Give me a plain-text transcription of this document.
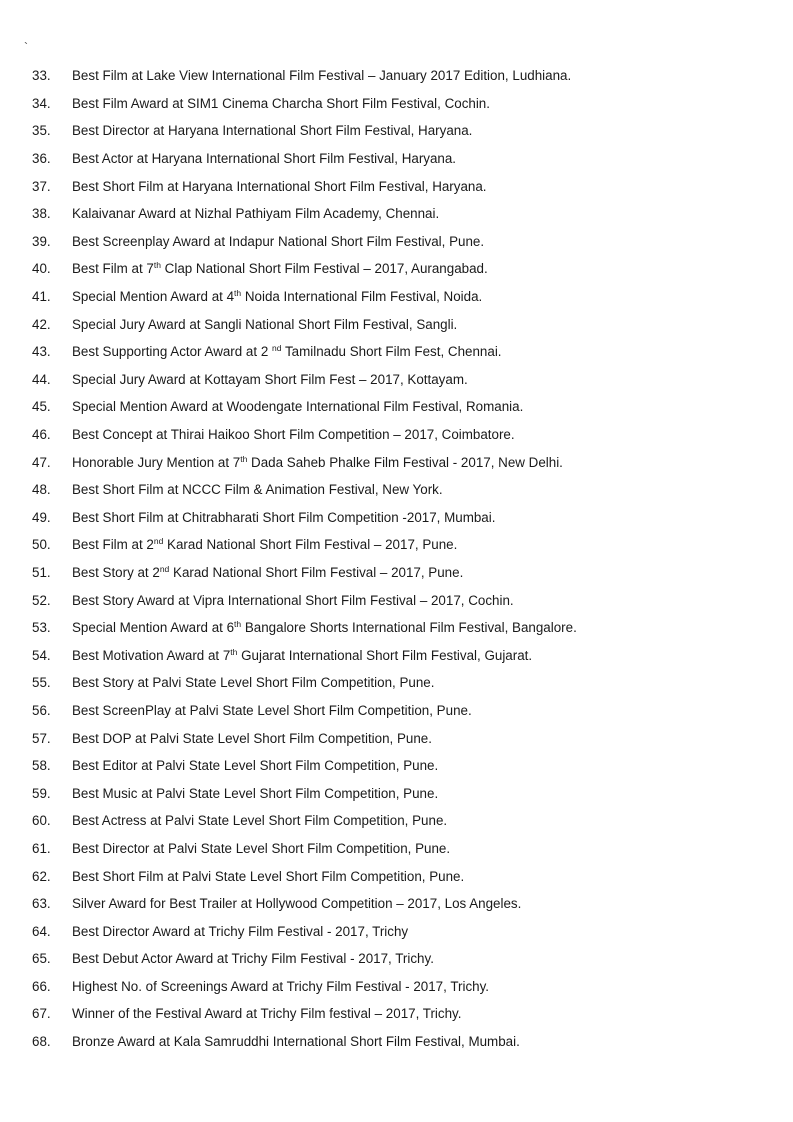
`
33.	Best Film at Lake View International Film Festival – January 2017 Edition, Ludhiana.
34.	Best Film Award at SIM1 Cinema Charcha Short Film Festival, Cochin.
35.	Best Director at Haryana International Short Film Festival, Haryana.
36.	Best Actor at Haryana International Short Film Festival, Haryana.
37.	Best Short Film at Haryana International Short Film Festival, Haryana.
38.	Kalaivanar Award at Nizhal Pathiyam Film Academy, Chennai.
39.	Best Screenplay Award at Indapur National Short Film Festival, Pune.
40.	Best Film at 7th Clap National Short Film Festival – 2017, Aurangabad.
41.	Special Mention Award at 4th Noida International Film Festival, Noida.
42.	Special Jury Award at Sangli National Short Film Festival, Sangli.
43.	Best Supporting Actor Award at 2 $^{nd}$ Tamilnadu Short Film Fest, Chennai.
44.	Special Jury Award at Kottayam Short Film Fest – 2017, Kottayam.
45.	Special Mention Award at Woodengate International Film Festival, Romania.
46.	Best Concept at Thirai Haikoo Short Film Competition – 2017, Coimbatore.
47.	Honorable Jury Mention at 7th Dada Saheb Phalke Film Festival - 2017, New Delhi.
48.	Best Short Film at NCCC Film & Animation Festival, New York.
49.	Best Short Film at Chitrabharati Short Film Competition -2017, Mumbai.
50.	Best Film at 2nd Karad National Short Film Festival – 2017, Pune.
51.	Best Story at 2nd Karad National Short Film Festival – 2017, Pune.
52.	Best Story Award at Vipra International Short Film Festival – 2017, Cochin.
53.	Special Mention Award at 6th Bangalore Shorts International Film Festival, Bangalore.
54.	Best Motivation Award at 7th Gujarat International Short Film Festival, Gujarat.
55.	Best Story at Palvi State Level Short Film Competition, Pune.
56.	Best ScreenPlay at Palvi State Level Short Film Competition, Pune.
57.	Best DOP at Palvi State Level Short Film Competition, Pune.
58.	Best Editor at Palvi State Level Short Film Competition, Pune.
59.	Best Music at Palvi State Level Short Film Competition, Pune.
60.	Best Actress at Palvi State Level Short Film Competition, Pune.
61.	Best Director at Palvi State Level Short Film Competition, Pune.
62.	Best Short Film at Palvi State Level Short Film Competition, Pune.
63.	Silver Award for Best Trailer at Hollywood Competition – 2017, Los Angeles.
64.	Best Director Award at Trichy Film Festival - 2017, Trichy
65.	Best Debut Actor Award at Trichy Film Festival - 2017, Trichy.
66.	Highest No. of Screenings Award at Trichy Film Festival - 2017, Trichy.
67.	Winner of the Festival Award at Trichy Film festival – 2017, Trichy.
68.	Bronze Award at Kala Samruddhi International Short Film Festival, Mumbai.
